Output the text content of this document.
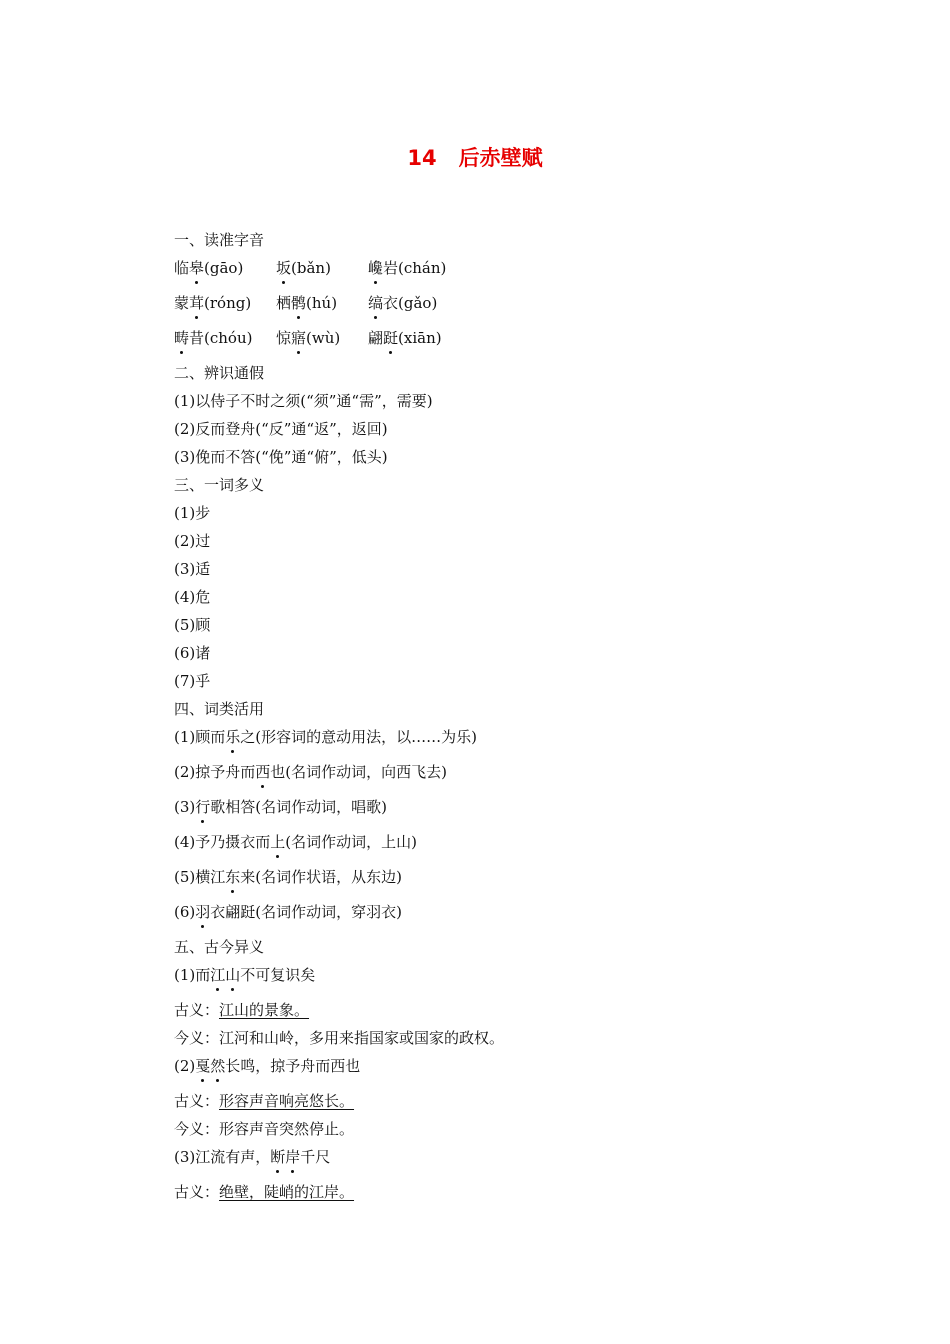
14 后赤壁赋
一、读准字音
临皋(gāo) 坂(bǎn) 巉岩(chán)
蒙茸(róng) 栖鹘(hú) 缟衣(gǎo)
畴昔(chóu) 惊寤(wù) 翩跹(xiān)
二、辨识通假
(1)以侍子不时之须(“须”通“需”，需要)
(2)反而登舟(“反”通“返”，返回)
(3)俛而不答(“俛”通“俯”，低头)
三、一词多义
(1)步
(2)过
(3)适
(4)危
(5)顾
(6)诸
(7)乎
四、词类活用
(1)顾而乐之(形容词的意动用法，以……为乐)
(2)掠予舟而西也(名词作动词，向西飞去)
(3)行歌相答(名词作动词，唱歌)
(4)予乃摄衣而上(名词作动词，上山)
(5)横江东来(名词作状语，从东边)
(6)羽衣翩跹(名词作动词，穿羽衣)
五、古今异义
(1)而江山不可复识矣
古义：江山的景象。
今义：江河和山岭，多用来指国家或国家的政权。
(2)戛然长鸣，掠予舟而西也
古义：形容声音响亮悠长。
今义：形容声音突然停止。
(3)江流有声，断岸千尺
古义：绝壁，陡峭的江岸。
